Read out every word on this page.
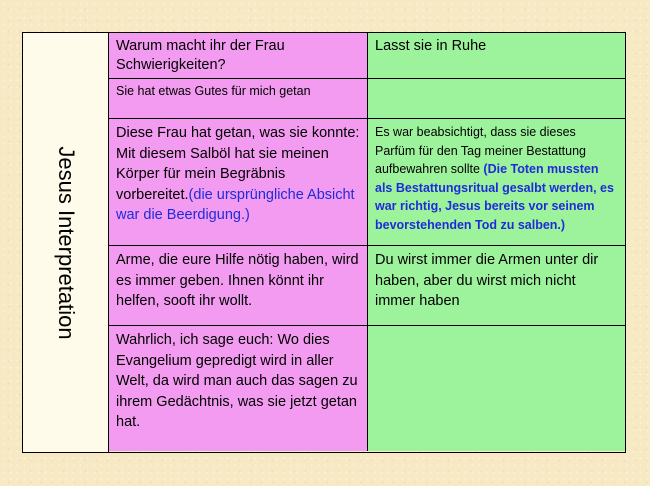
Jesus Interpretation
Warum macht ihr der Frau Schwierigkeiten?
Lasst sie in Ruhe
Sie hat etwas Gutes für mich getan
Diese Frau hat getan, was sie konnte: Mit diesem Salböl hat sie meinen Körper für mein Begräbnis vorbereitet.(die ursprüngliche Absicht war die Beerdigung.)
Es war beabsichtigt, dass sie dieses Parfüm für den Tag meiner Bestattung aufbewahren sollte (Die Toten mussten als Bestattungsritual gesalbt werden, es war richtig, Jesus bereits vor seinem bevorstehenden Tod zu salben.)
Arme, die eure Hilfe nötig haben, wird es immer geben. Ihnen könnt ihr helfen, sooft ihr wollt.
Du wirst immer die Armen unter dir haben, aber du wirst mich nicht immer haben
Wahrlich, ich sage euch: Wo dies Evangelium gepredigt wird in aller Welt, da wird man auch das sagen zu ihrem Gedächtnis, was sie jetzt getan hat.
